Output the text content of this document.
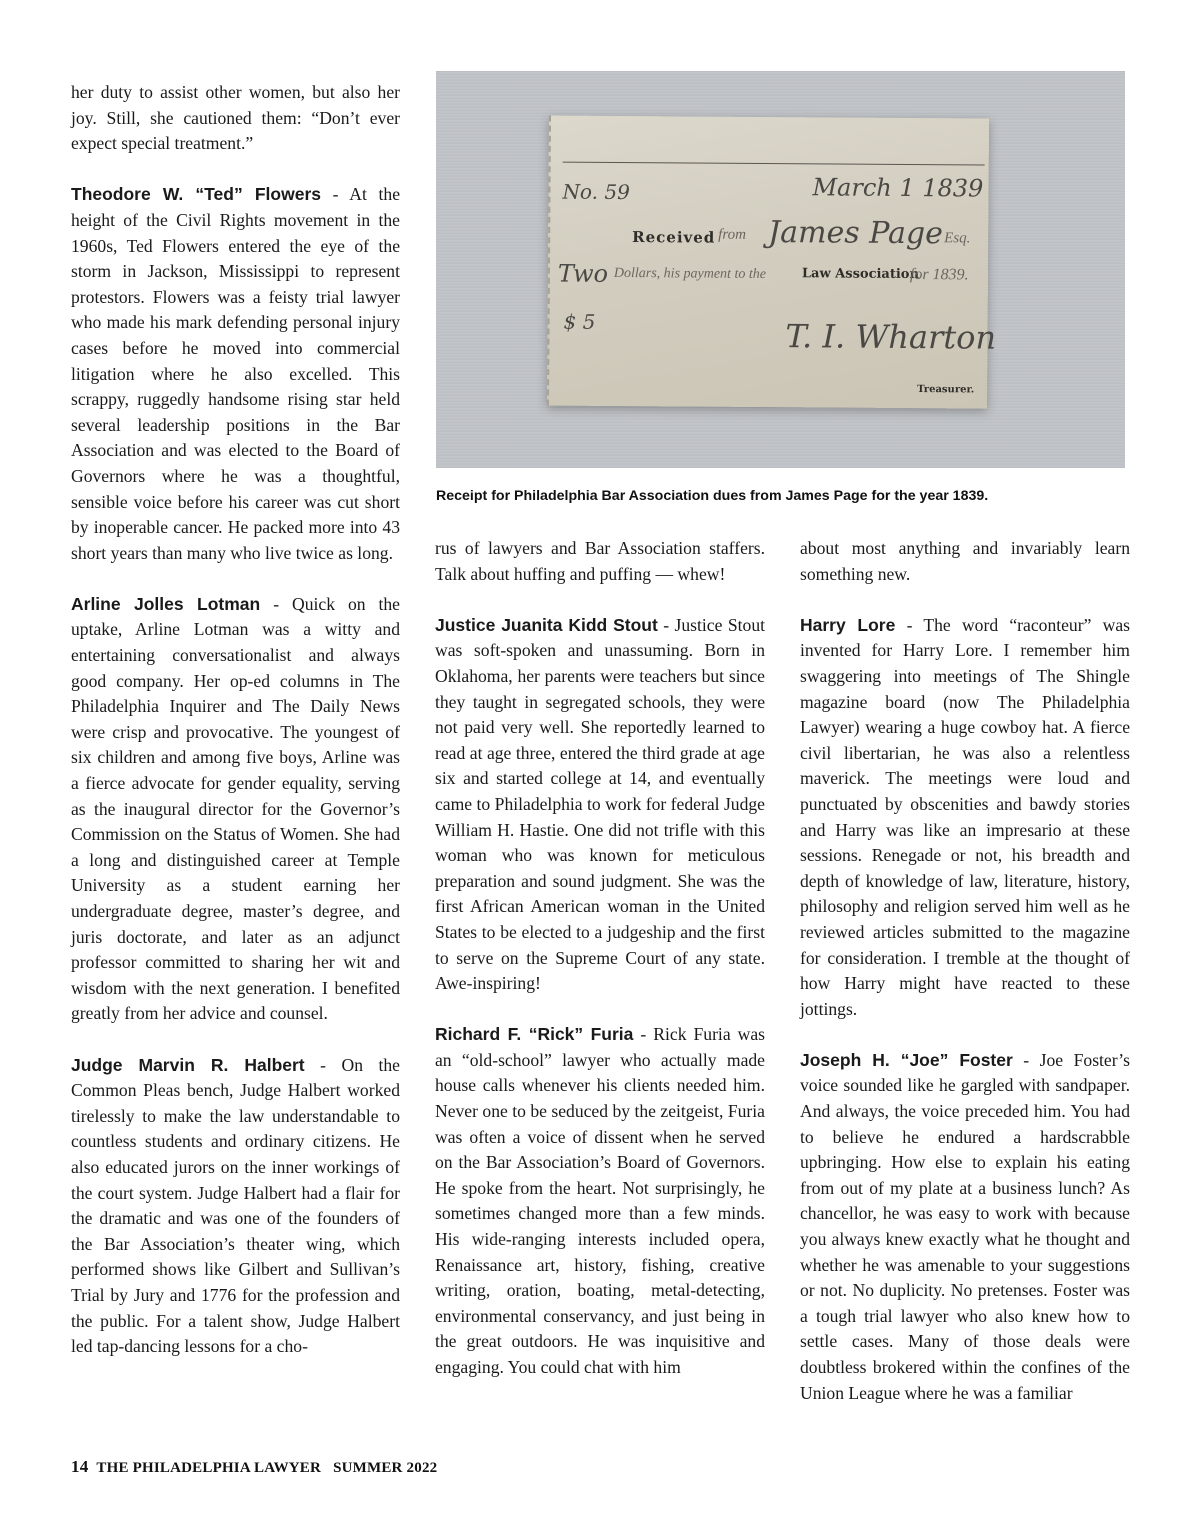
her duty to assist other women, but also her joy. Still, she cautioned them: “Don’t ever expect special treatment.”

Theodore W. “Ted” Flowers - At the height of the Civil Rights movement in the 1960s, Ted Flowers entered the eye of the storm in Jackson, Mississippi to represent protestors. Flowers was a feisty trial lawyer who made his mark defending personal injury cases before he moved into commercial litigation where he also excelled. This scrappy, ruggedly handsome rising star held several leadership positions in the Bar Association and was elected to the Board of Governors where he was a thoughtful, sensible voice before his career was cut short by inoperable cancer. He packed more into 43 short years than many who live twice as long.

Arline Jolles Lotman - Quick on the uptake, Arline Lotman was a witty and entertaining conversationalist and always good company. Her op-ed columns in The Philadelphia Inquirer and The Daily News were crisp and provocative. The youngest of six children and among five boys, Arline was a fierce advocate for gender equality, serving as the inaugural director for the Governor’s Commission on the Status of Women. She had a long and distinguished career at Temple University as a student earning her undergraduate degree, master’s degree, and juris doctorate, and later as an adjunct professor committed to sharing her wit and wisdom with the next generation. I benefited greatly from her advice and counsel.

Judge Marvin R. Halbert - On the Common Pleas bench, Judge Halbert worked tirelessly to make the law understandable to countless students and ordinary citizens. He also educated jurors on the inner workings of the court system. Judge Halbert had a flair for the dramatic and was one of the founders of the Bar Association’s theater wing, which performed shows like Gilbert and Sullivan’s Trial by Jury and 1776 for the profession and the public. For a talent show, Judge Halbert led tap-dancing lessons for a cho-

No. 59	March 1 1839
Received from James Page Esq.
Two Dollars, his payment to the	Law Association
for 1839.
$ 5	T. I. Wharton
Treasurer.
Receipt for Philadelphia Bar Association dues from James Page for the year 1839.

rus of lawyers and Bar Association staffers. Talk about huffing and puffing — whew!

Justice Juanita Kidd Stout - Justice Stout was soft-spoken and unassuming. Born in Oklahoma, her parents were teachers but since they taught in segregated schools, they were not paid very well. She reportedly learned to read at age three, entered the third grade at age six and started college at 14, and eventually came to Philadelphia to work for federal Judge William H. Hastie. One did not trifle with this woman who was known for meticulous preparation and sound judgment. She was the first African American woman in the United States to be elected to a judgeship and the first to serve on the Supreme Court of any state. Awe-inspiring!

Richard F. “Rick” Furia - Rick Furia was an “old-school” lawyer who actually made house calls whenever his clients needed him. Never one to be seduced by the zeitgeist, Furia was often a voice of dissent when he served on the Bar Association’s Board of Governors. He spoke from the heart. Not surprisingly, he sometimes changed more than a few minds. His wide-ranging interests included opera, Renaissance art, history, fishing, creative writing, oration, boating, metal-detecting, environmental conservancy, and just being in the great outdoors. He was inquisitive and engaging. You could chat with him

about most anything and invariably learn something new.

Harry Lore - The word “raconteur” was invented for Harry Lore. I remember him swaggering into meetings of The Shingle magazine board (now The Philadelphia Lawyer) wearing a huge cowboy hat. A fierce civil libertarian, he was also a relentless maverick. The meetings were loud and punctuated by obscenities and bawdy stories and Harry was like an impresario at these sessions. Renegade or not, his breadth and depth of knowledge of law, literature, history, philosophy and religion served him well as he reviewed articles submitted to the magazine for consideration. I tremble at the thought of how Harry might have reacted to these jottings.

Joseph H. “Joe” Foster - Joe Foster’s voice sounded like he gargled with sandpaper. And always, the voice preceded him. You had to believe he endured a hardscrabble upbringing. How else to explain his eating from out of my plate at a business lunch? As chancellor, he was easy to work with because you always knew exactly what he thought and whether he was amenable to your suggestions or not. No duplicity. No pretenses. Foster was a tough trial lawyer who also knew how to settle cases. Many of those deals were doubtless brokered within the confines of the Union League where he was a familiar

14 THE PHILADELPHIA LAWYER SUMMER 2022
